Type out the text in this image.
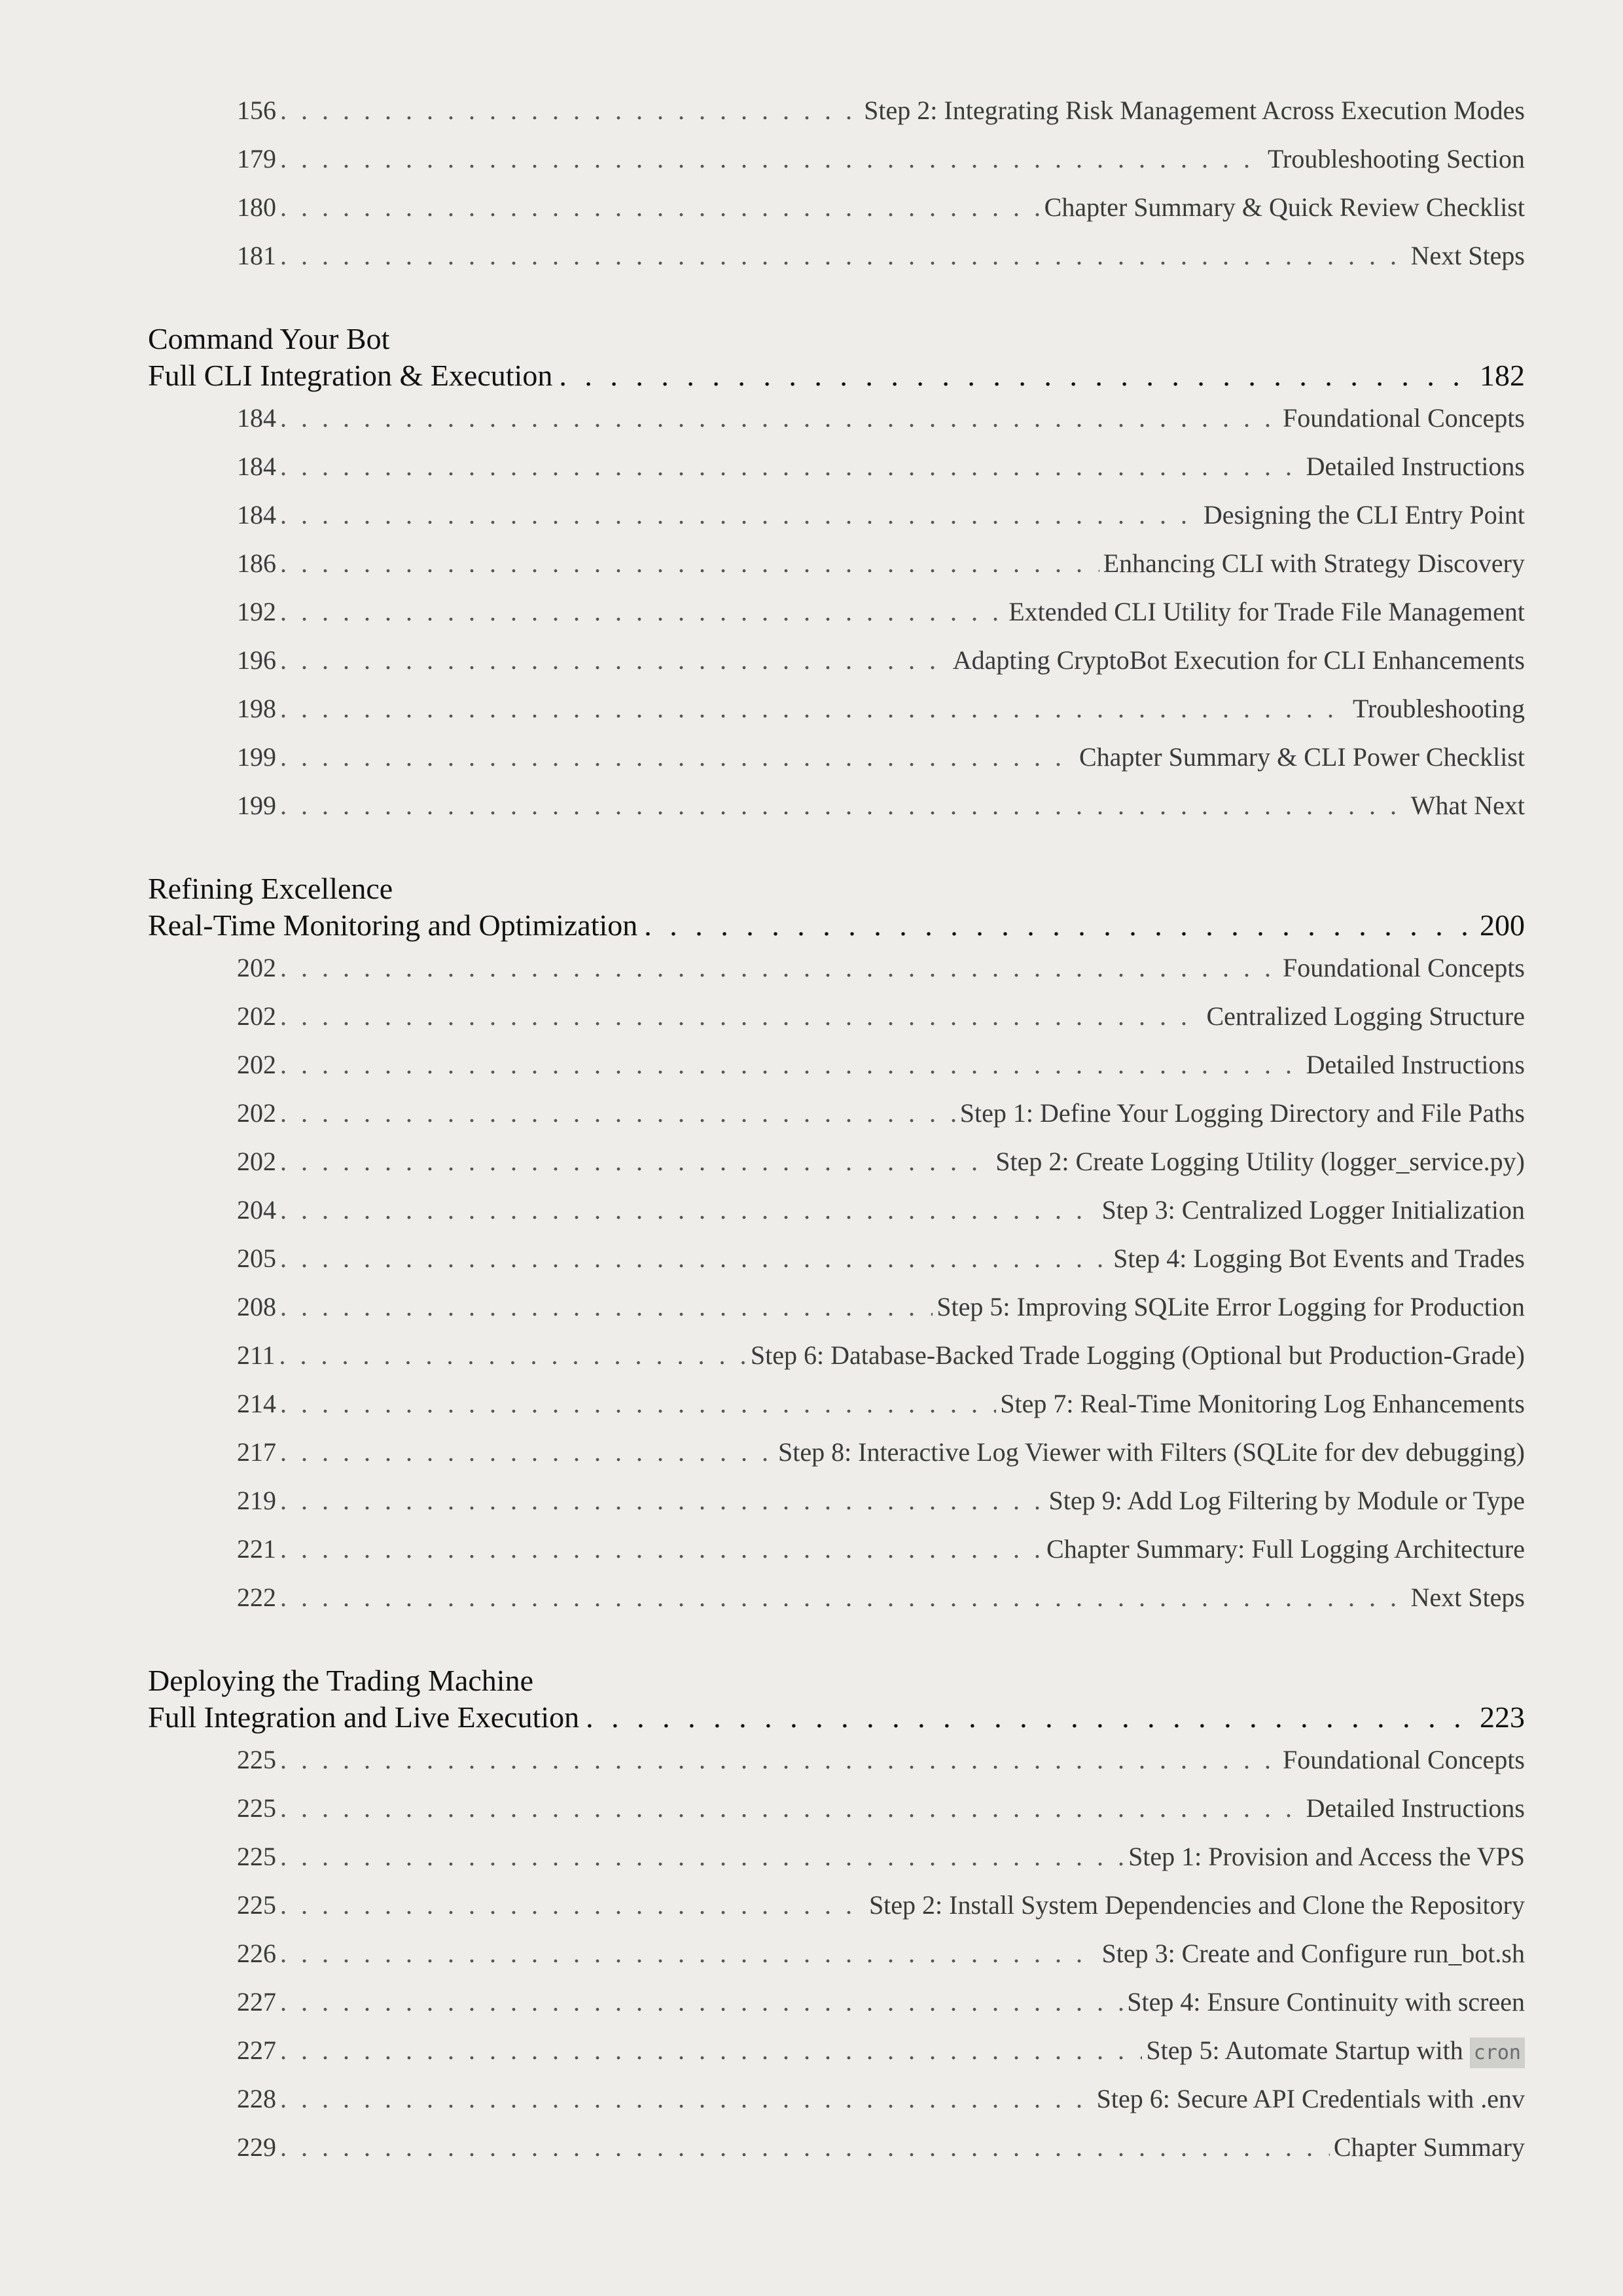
156 . . .	Step 2: Integrating Risk Management Across Execution Modes
179 . . .	Troubleshooting Section
180 . . .	Chapter Summary & Quick Review Checklist
181 . . .	Next Steps
Command Your Bot
Full CLI Integration & Execution . . .	182
184 . . .	Foundational Concepts
184 . . .	Detailed Instructions
184 . . .	Designing the CLI Entry Point
186 . . .	Enhancing CLI with Strategy Discovery
192 . . .	Extended CLI Utility for Trade File Management
196 . . .	Adapting CryptoBot Execution for CLI Enhancements
198 . . .	Troubleshooting
199 . . .	Chapter Summary & CLI Power Checklist
199 . . .	What Next
Refining Excellence
Real-Time Monitoring and Optimization . . .	200
202 . . .	Foundational Concepts
202 . . .	Centralized Logging Structure
202 . . .	Detailed Instructions
202 . . .	Step 1: Define Your Logging Directory and File Paths
202 . . .	Step 2: Create Logging Utility (logger_service.py)
204 . . .	Step 3: Centralized Logger Initialization
205 . . .	Step 4: Logging Bot Events and Trades
208 . . .	Step 5: Improving SQLite Error Logging for Production
211 . . .	Step 6: Database-Backed Trade Logging (Optional but Production-Grade)
214 . . .	Step 7: Real-Time Monitoring Log Enhancements
217 . . .	Step 8: Interactive Log Viewer with Filters (SQLite for dev debugging)
219 . . .	Step 9: Add Log Filtering by Module or Type
221 . . .	Chapter Summary: Full Logging Architecture
222 . . .	Next Steps
Deploying the Trading Machine
Full Integration and Live Execution . . .	223
225 . . .	Foundational Concepts
225 . . .	Detailed Instructions
225 . . .	Step 1: Provision and Access the VPS
225 . . .	Step 2: Install System Dependencies and Clone the Repository
226 . . .	Step 3: Create and Configure run_bot.sh
227 . . .	Step 4: Ensure Continuity with screen
227 . . .	Step 5: Automate Startup with cron
228 . . .	Step 6: Secure API Credentials with .env
229 . . .	Chapter Summary
